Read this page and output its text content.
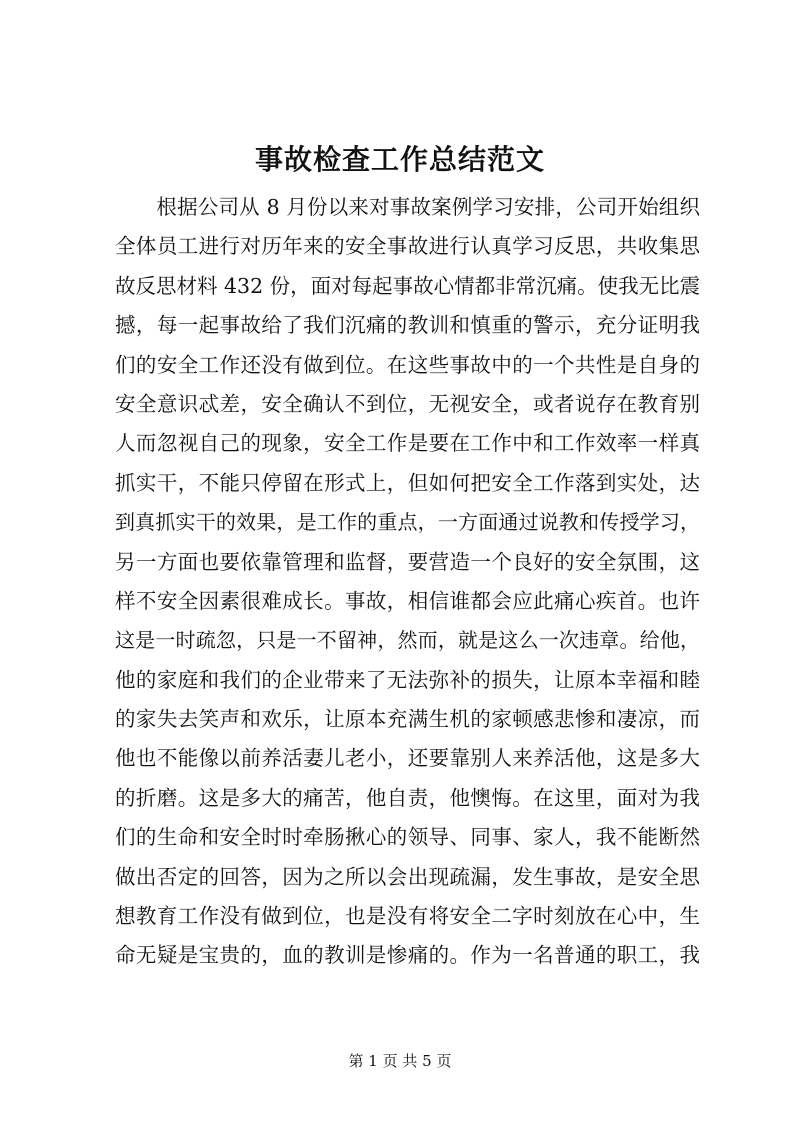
事故检查工作总结范文
　　根据公司从 8 月份以来对事故案例学习安排，公司开始组织
全体员工进行对历年来的安全事故进行认真学习反思，共收集思
故反思材料 432 份，面对每起事故心情都非常沉痛。使我无比震
撼，每一起事故给了我们沉痛的教训和慎重的警示，充分证明我
们的安全工作还没有做到位。在这些事故中的一个共性是自身的
安全意识忒差，安全确认不到位，无视安全，或者说存在教育别
人而忽视自己的现象，安全工作是要在工作中和工作效率一样真
抓实干，不能只停留在形式上，但如何把安全工作落到实处，达
到真抓实干的效果，是工作的重点，一方面通过说教和传授学习，
另一方面也要依靠管理和监督，要营造一个良好的安全氛围，这
样不安全因素很难成长。事故，相信谁都会应此痛心疾首。也许
这是一时疏忽，只是一不留神，然而，就是这么一次违章。给他，
他的家庭和我们的企业带来了无法弥补的损失，让原本幸福和睦
的家失去笑声和欢乐，让原本充满生机的家顿感悲惨和凄凉，而
他也不能像以前养活妻儿老小，还要靠别人来养活他，这是多大
的折磨。这是多大的痛苦，他自责，他懊悔。在这里，面对为我
们的生命和安全时时牵肠揪心的领导、同事、家人，我不能断然
做出否定的回答，因为之所以会出现疏漏，发生事故，是安全思
想教育工作没有做到位，也是没有将安全二字时刻放在心中，生
命无疑是宝贵的，血的教训是惨痛的。作为一名普通的职工，我
第 1 页 共 5 页
